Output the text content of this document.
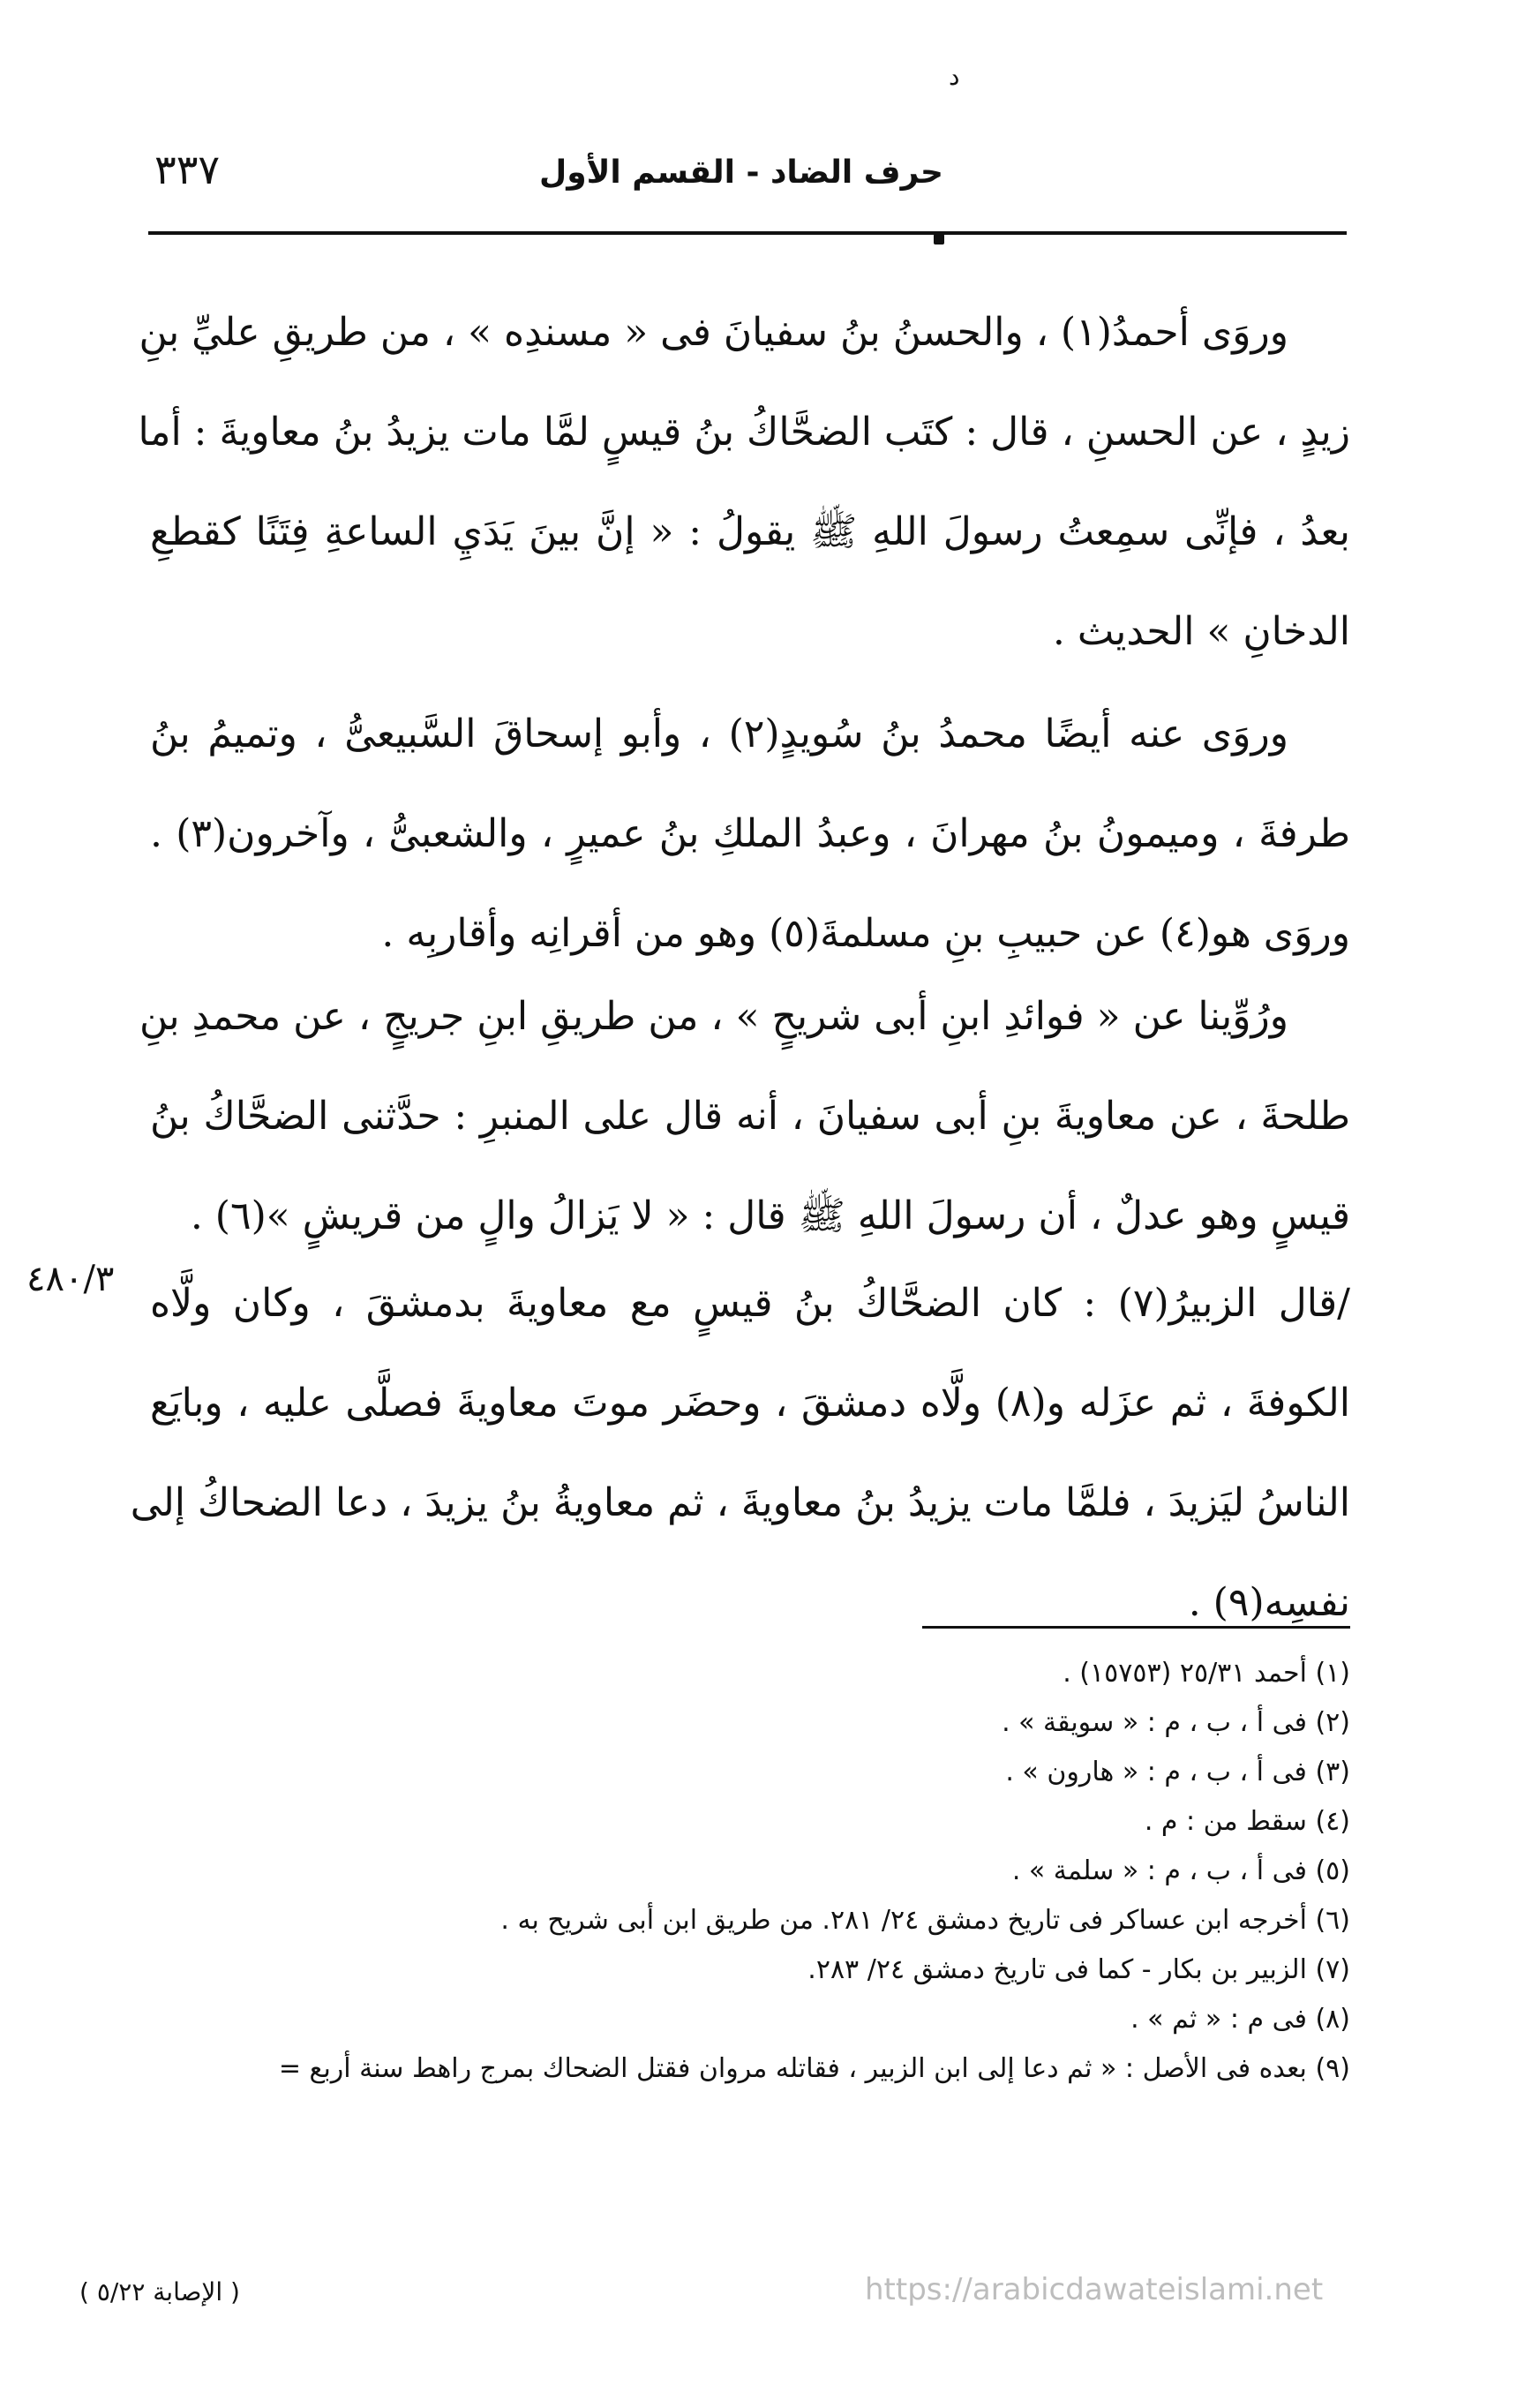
د
حرف الضاد - القسم الأول
٣٣٧
وروَى أحمدُ(١) ، والحسنُ بنُ سفيانَ فى « مسندِه » ، من طريقِ عليِّ بنِ
زيدٍ ، عن الحسنِ ، قال : كتَب الضحَّاكُ بنُ قيسٍ لمَّا مات يزيدُ بنُ معاويةَ : أما
بعدُ ، فإنِّى سمِعتُ رسولَ اللهِ ﷺ يقولُ : « إنَّ بينَ يَدَيِ الساعةِ فِتَنًا كقطعِ
الدخانِ » الحديث .
وروَى عنه أيضًا محمدُ بنُ سُويدٍ(٢) ، وأبو إسحاقَ السَّبيعىُّ ، وتميمُ بنُ
طرفةَ ، وميمونُ بنُ مهرانَ ، وعبدُ الملكِ بنُ عميرٍ ، والشعبىُّ ، وآخرون(٣) .
وروَى هو(٤) عن حبيبِ بنِ مسلمةَ(٥) وهو من أقرانِه وأقاربِه .
ورُوِّينا عن « فوائدِ ابنِ أبى شريحٍ » ، من طريقِ ابنِ جريجٍ ، عن محمدِ بنِ
طلحةَ ، عن معاويةَ بنِ أبى سفيانَ ، أنه قال على المنبرِ : حدَّثنى الضحَّاكُ بنُ
قيسٍ وهو عدلٌ ، أن رسولَ اللهِ ﷺ قال : « لا يَزالُ والٍ من قريشٍ »(٦) .
/قال الزبيرُ(٧) : كان الضحَّاكُ بنُ قيسٍ مع معاويةَ بدمشقَ ، وكان ولَّاه
الكوفةَ ، ثم عزَله و(٨) ولَّاه دمشقَ ، وحضَر موتَ معاويةَ فصلَّى عليه ، وبايَع
الناسُ ليَزيدَ ، فلمَّا مات يزيدُ بنُ معاويةَ ، ثم معاويةُ بنُ يزيدَ ، دعا الضحاكُ إلى
نفسِه(٩) .
٤٨٠/٣
(١) أحمد ٢٥/٣١ (١٥٧٥٣) .
(٢) فى أ ، ب ، م : « سويقة » .
(٣) فى أ ، ب ، م : « هارون » .
(٤) سقط من : م .
(٥) فى أ ، ب ، م : « سلمة » .
(٦) أخرجه ابن عساكر فى تاريخ دمشق ٢٤/ ٢٨١. من طريق ابن أبى شريح به .
(٧) الزبير بن بكار - كما فى تاريخ دمشق ٢٤/ ٢٨٣.
(٨) فى م : « ثم » .
(٩) بعده فى الأصل : « ثم دعا إلى ابن الزبير ، فقاتله مروان فقتل الضحاك بمرج راهط سنة أربع =
( الإصابة ٥/٢٢ )	https://arabicdawateislami.net
